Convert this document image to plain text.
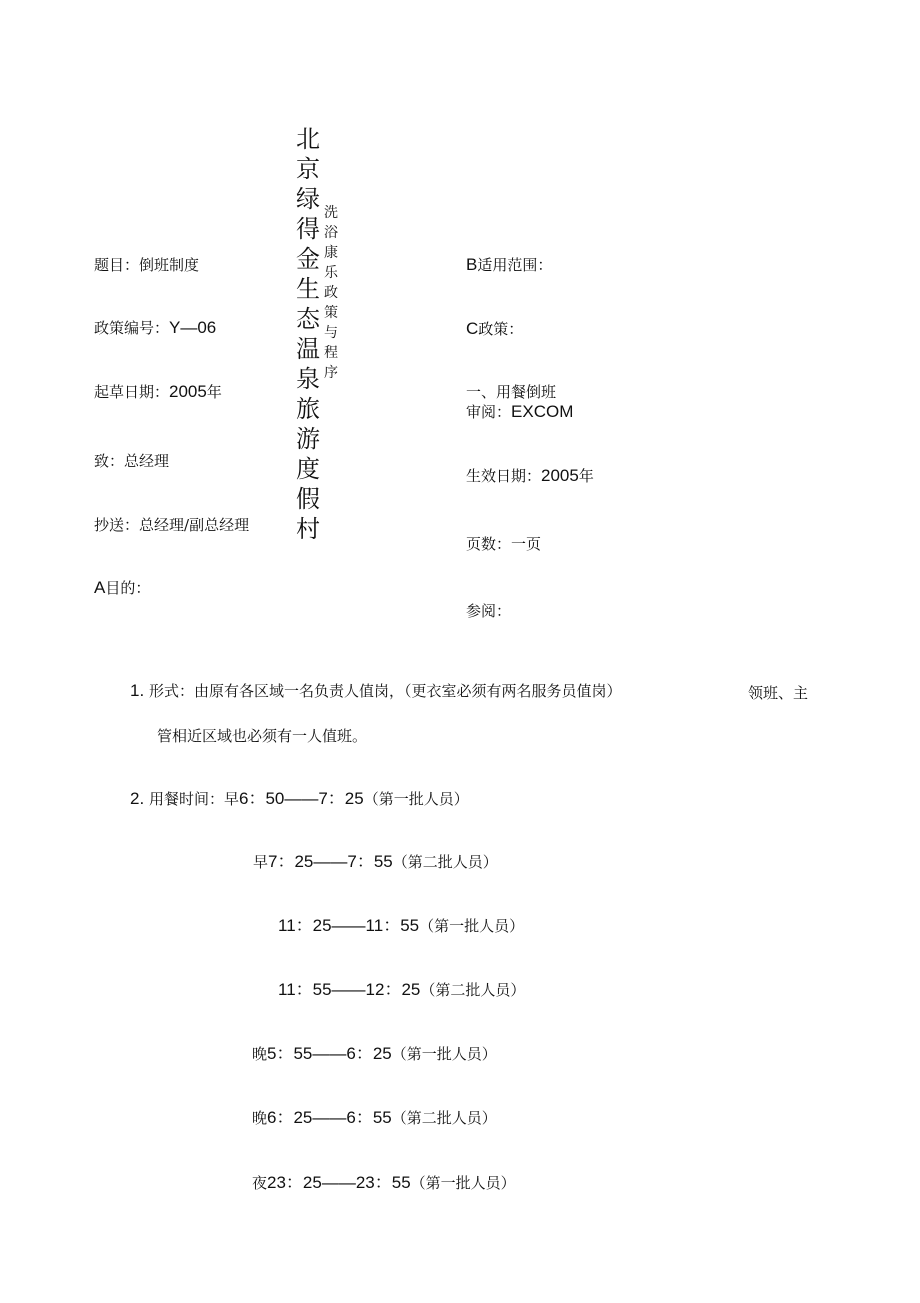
北京绿得金生态温泉旅游度假村
洗浴康乐政策与程序
题目：倒班制度
政策编号：Y—06
起草日期：2005年
致：总经理
抄送：总经理/副总经理
A目的：
B适用范围：
C政策：
一、用餐倒班
审阅：EXCOM
生效日期：2005年
页数：一页
参阅：
1. 形式：由原有各区域一名负责人值岗，（更衣室必须有两名服务员值岗）	领班、主
管相近区域也必须有一人值班。
2. 用餐时间：早6：50——7：25（第一批人员）
早7：25——7：55（第二批人员）
11：25——11：55（第一批人员）
11：55——12：25（第二批人员）
晚5：55——6：25（第一批人员）
晚6：25——6：55（第二批人员）
夜23：25——23：55（第一批人员）
